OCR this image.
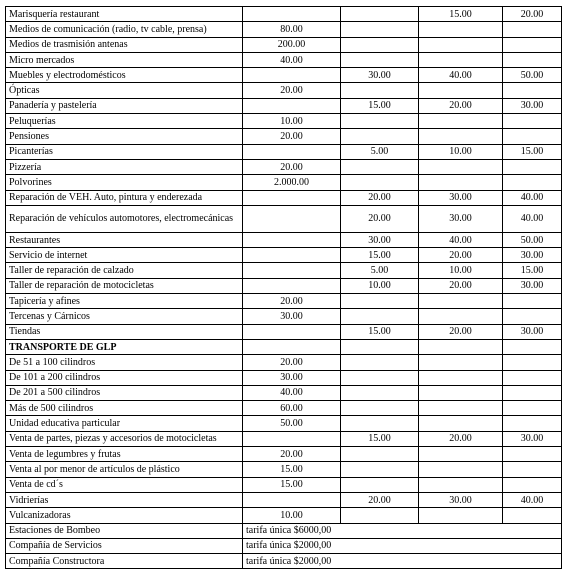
Marisquería restaurant			15.00	20.00
Medios de comunicación (radio, tv cable, prensa)	80.00			
Medios de trasmisión antenas	200.00			
Micro mercados	40.00			
Muebles y electrodomésticos		30.00	40.00	50.00
Ópticas	20.00			
Panadería y pastelería		15.00	20.00	30.00
Peluquerías	10.00			
Pensiones	20.00			
Picanterías		5.00	10.00	15.00
Pizzería	20.00			
Polvorines	2.000.00			
Reparación de VEH. Auto, pintura y enderezada		20.00	30.00	40.00
Reparación de vehículos automotores, electromecánicas		20.00	30.00	40.00
Restaurantes		30.00	40.00	50.00
Servicio de internet		15.00	20.00	30.00
Taller de reparación de calzado		5.00	10.00	15.00
Taller de reparación de motocicletas		10.00	20.00	30.00
Tapicería y afines	20.00			
Tercenas y Cárnicos	30.00			
Tiendas		15.00	20.00	30.00
TRANSPORTE DE GLP				
De 51 a 100 cilindros	20.00			
De 101 a 200 cilindros	30.00			
De 201 a 500 cilindros	40.00			
Más de 500 cilindros	60.00			
Unidad educativa particular	50.00			
Venta de partes, piezas y accesorios de motocicletas		15.00	20.00	30.00
Venta de legumbres y frutas	20.00			
Venta al por menor de artículos de plástico	15.00			
Venta de cd´s	15.00			
Vidrierías		20.00	30.00	40.00
Vulcanizadoras	10.00			
Estaciones de Bombeo	tarifa única $6000,00			
Compañía de Servicios	tarifa única $2000,00			
Compañía Constructora	tarifa única $2000,00			
